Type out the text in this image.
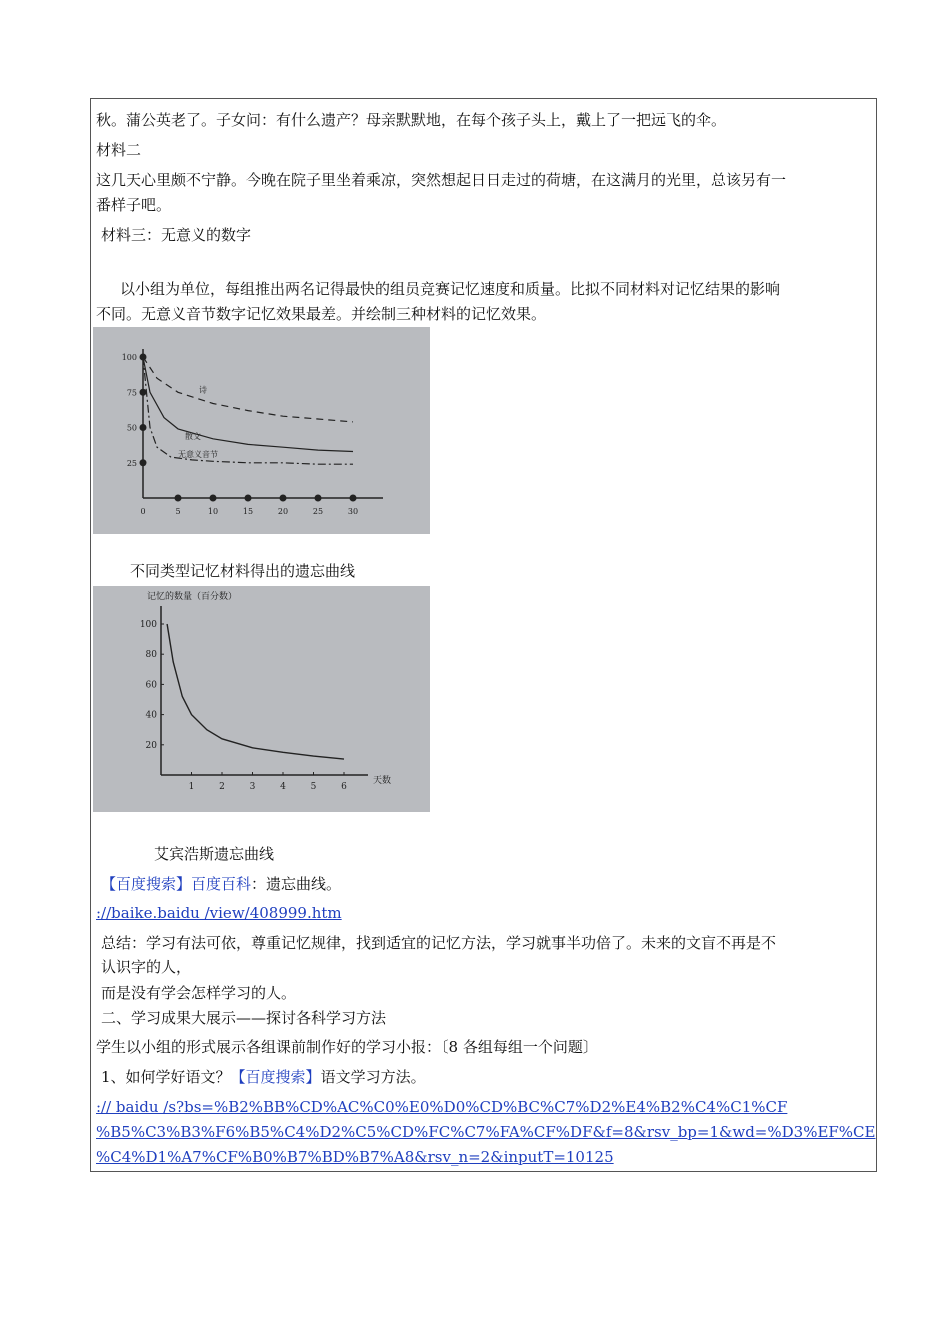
秋。蒲公英老了。子女问：有什么遗产？母亲默默地，在每个孩子头上，戴上了一把远飞的伞。
材料二
这几天心里颇不宁静。今晚在院子里坐着乘凉，突然想起日日走过的荷塘，在这满月的光里，总该另有一
番样子吧。
材料三：无意义的数字
以小组为单位，每组推出两名记得最快的组员竞赛记忆速度和质量。比拟不同材料对记忆结果的影响
不同。无意义音节数字记忆效果最差。并绘制三种材料的记忆效果。
0	5	10	15	20	25	30
25
50
75
100
诗
散文
无意义音节
不同类型记忆材料得出的遗忘曲线
记忆的数量（百分数）
天数
1	2	3	4	5	6
20
40
60
80
100
艾宾浩斯遗忘曲线
【百度搜索】百度百科：遗忘曲线。
://baike.baidu /view/408999.htm
总结：学习有法可依，尊重记忆规律，找到适宜的记忆方法，学习就事半功倍了。未来的文盲不再是不
认识字的人，
而是没有学会怎样学习的人。
二、学习成果大展示——探讨各科学习方法
学生以小组的形式展示各组课前制作好的学习小报：〔8 各组每组一个问题〕
1、如何学好语文？【百度搜索】语文学习方法。
:// baidu /s?bs=%B2%BB%CD%AC%C0%E0%D0%CD%BC%C7%D2%E4%B2%C4%C1%CF
%B5%C3%B3%F6%B5%C4%D2%C5%CD%FC%C7%FA%CF%DF&f=8&rsv_bp=1&wd=%D3%EF%CE
%C4%D1%A7%CF%B0%B7%BD%B7%A8&rsv_n=2&inputT=10125
